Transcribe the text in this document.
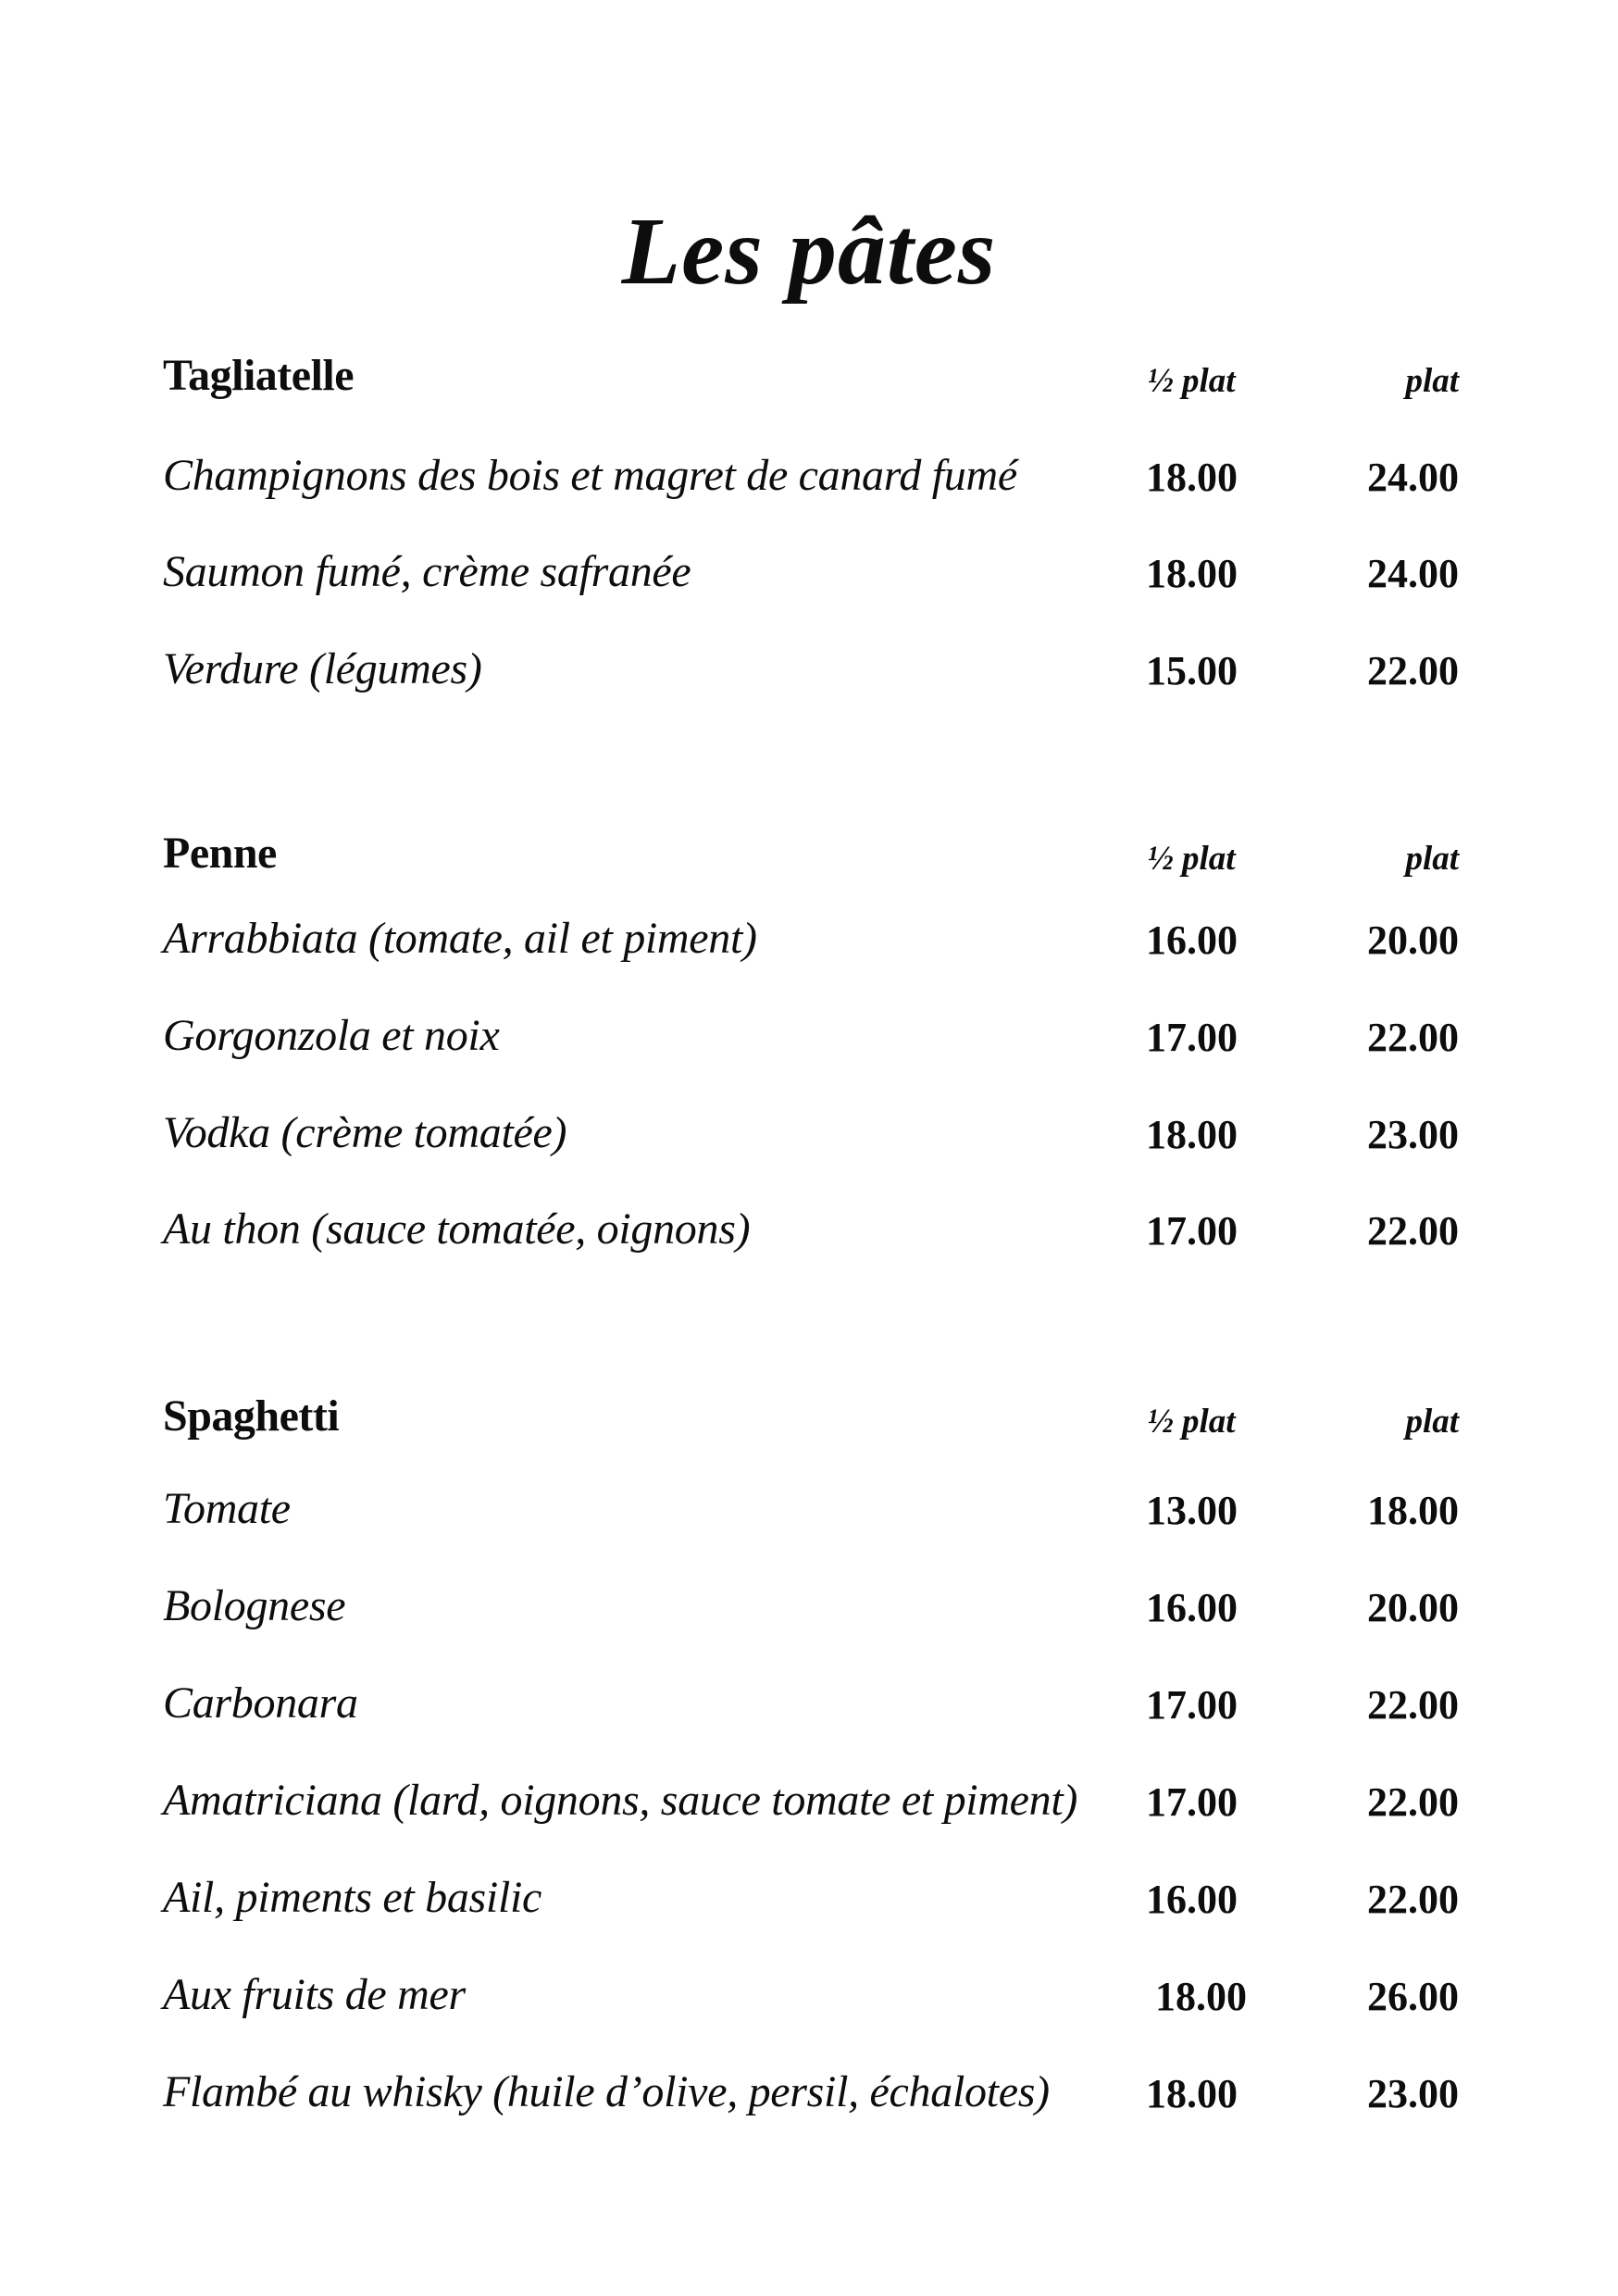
Les pâtes
Tagliatelle	½ plat	plat
Champignons des bois et magret de canard fumé	18.00	24.00
Saumon fumé, crème safranée	18.00	24.00
Verdure (légumes)	15.00	22.00
Penne	½ plat	plat
Arrabbiata (tomate, ail et piment)	16.00	20.00
Gorgonzola et noix	17.00	22.00
Vodka (crème tomatée)	18.00	23.00
Au thon (sauce tomatée, oignons)	17.00	22.00
Spaghetti	½ plat	plat
Tomate	13.00	18.00
Bolognese	16.00	20.00
Carbonara	17.00	22.00
Amatriciana (lard, oignons, sauce tomate et piment) 17.00	22.00
Ail, piments et basilic	16.00	22.00
Aux fruits de mer	18.00	26.00
Flambé au whisky (huile d’olive, persil, échalotes) 18.00	23.00
